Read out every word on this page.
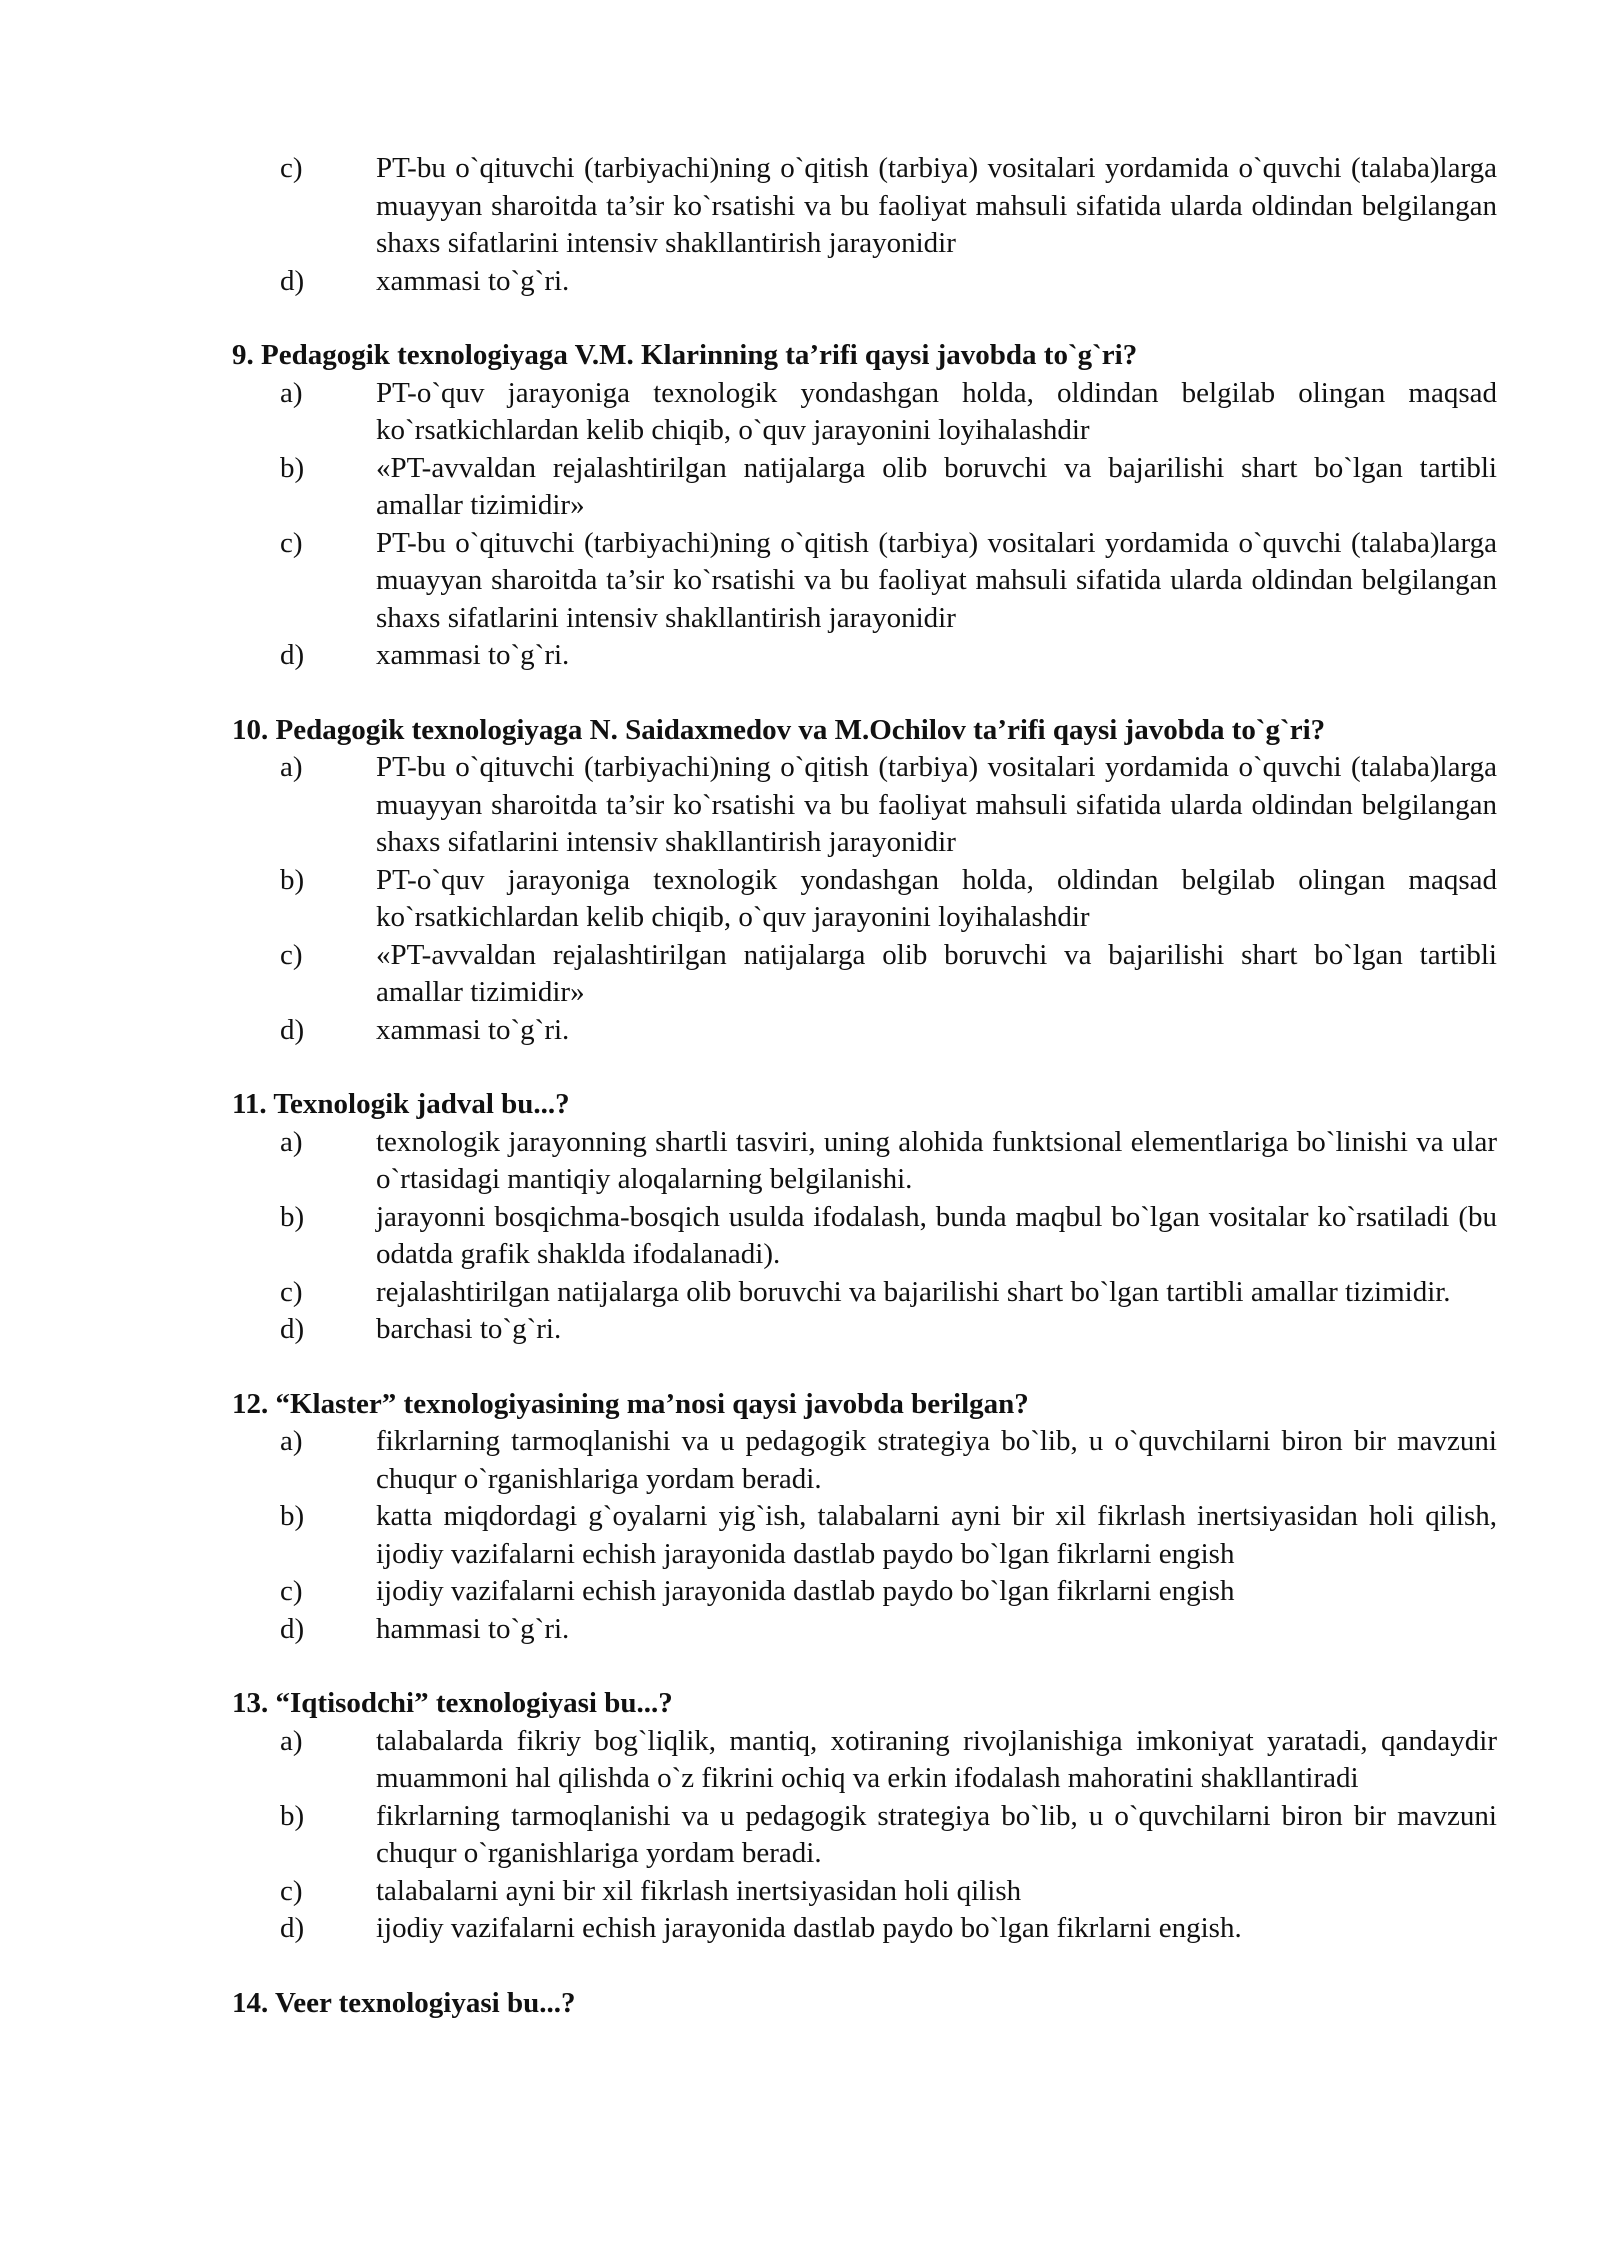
c)	PT-bu o`qituvchi (tarbiyachi)ning o`qitish (tarbiya) vositalari yordamida o`quvchi (talaba)larga muayyan sharoitda ta’sir ko`rsatishi va bu faoliyat mahsuli sifatida ularda oldindan belgilangan shaxs sifatlarini intensiv shakllantirish jarayonidir
d) xammasi to`g`ri.

9. Pedagogik texnologiyaga V.M. Klarinning ta’rifi qaysi javobda to`g`ri?

a)	PT-o`quv jarayoniga texnologik yondashgan holda, oldindan belgilab olingan maqsad ko`rsatkichlardan kelib chiqib, o`quv jarayonini loyihalashdir
b) «PT-avvaldan rejalashtirilgan natijalarga olib boruvchi va bajarilishi shart bo`lgan tartibli amallar tizimidir»
c)	PT-bu o`qituvchi (tarbiyachi)ning o`qitish (tarbiya) vositalari yordamida o`quvchi (talaba)larga muayyan sharoitda ta’sir ko`rsatishi va bu faoliyat mahsuli sifatida ularda oldindan belgilangan shaxs sifatlarini intensiv shakllantirish jarayonidir
d) xammasi to`g`ri.

10. Pedagogik texnologiyaga N. Saidaxmedov va M.Ochilov ta’rifi qaysi javobda to`g`ri?

a)	PT-bu o`qituvchi (tarbiyachi)ning o`qitish (tarbiya) vositalari yordamida o`quvchi (talaba)larga muayyan sharoitda ta’sir ko`rsatishi va bu faoliyat mahsuli sifatida ularda oldindan belgilangan shaxs sifatlarini intensiv shakllantirish jarayonidir
b) PT-o`quv jarayoniga texnologik yondashgan holda, oldindan belgilab olingan maqsad ko`rsatkichlardan kelib chiqib, o`quv jarayonini loyihalashdir
c)	«PT-avvaldan rejalashtirilgan natijalarga olib boruvchi va bajarilishi shart bo`lgan tartibli amallar tizimidir»
d) xammasi to`g`ri.

11. Texnologik jadval bu...?

a)	texnologik jarayonning shartli tasviri, uning alohida funktsional elementlariga bo`linishi va ular o`rtasidagi mantiqiy aloqalarning belgilanishi.
b) jarayonni bosqichma-bosqich usulda ifodalash, bunda maqbul bo`lgan vositalar ko`rsatiladi (bu odatda grafik shaklda ifodalanadi).
c)	rejalashtirilgan natijalarga olib boruvchi va bajarilishi shart bo`lgan tartibli amallar tizimidir.
d) barchasi to`g`ri.

12. “Klaster” texnologiyasining ma’nosi qaysi javobda berilgan?

a)	fikrlarning tarmoqlanishi va u pedagogik strategiya bo`lib, u o`quvchilarni biron bir mavzuni chuqur o`rganishlariga yordam beradi.
b) katta miqdordagi g`oyalarni yig`ish, talabalarni ayni bir xil fikrlash inertsiyasidan holi qilish, ijodiy vazifalarni echish jarayonida dastlab paydo bo`lgan fikrlarni engish
c)	ijodiy vazifalarni echish jarayonida dastlab paydo bo`lgan fikrlarni engish
d) hammasi to`g`ri.

13. “Iqtisodchi” texnologiyasi bu...?

a)	talabalarda fikriy bog`liqlik, mantiq, xotiraning rivojlanishiga imkoniyat yaratadi, qandaydir muammoni hal qilishda o`z fikrini ochiq va erkin ifodalash mahoratini shakllantiradi
b) fikrlarning tarmoqlanishi va u pedagogik strategiya bo`lib, u o`quvchilarni biron bir mavzuni chuqur o`rganishlariga yordam beradi.
c)	talabalarni ayni bir xil fikrlash inertsiyasidan holi qilish
d) ijodiy vazifalarni echish jarayonida dastlab paydo bo`lgan fikrlarni engish.

14. Veer texnologiyasi bu...?
